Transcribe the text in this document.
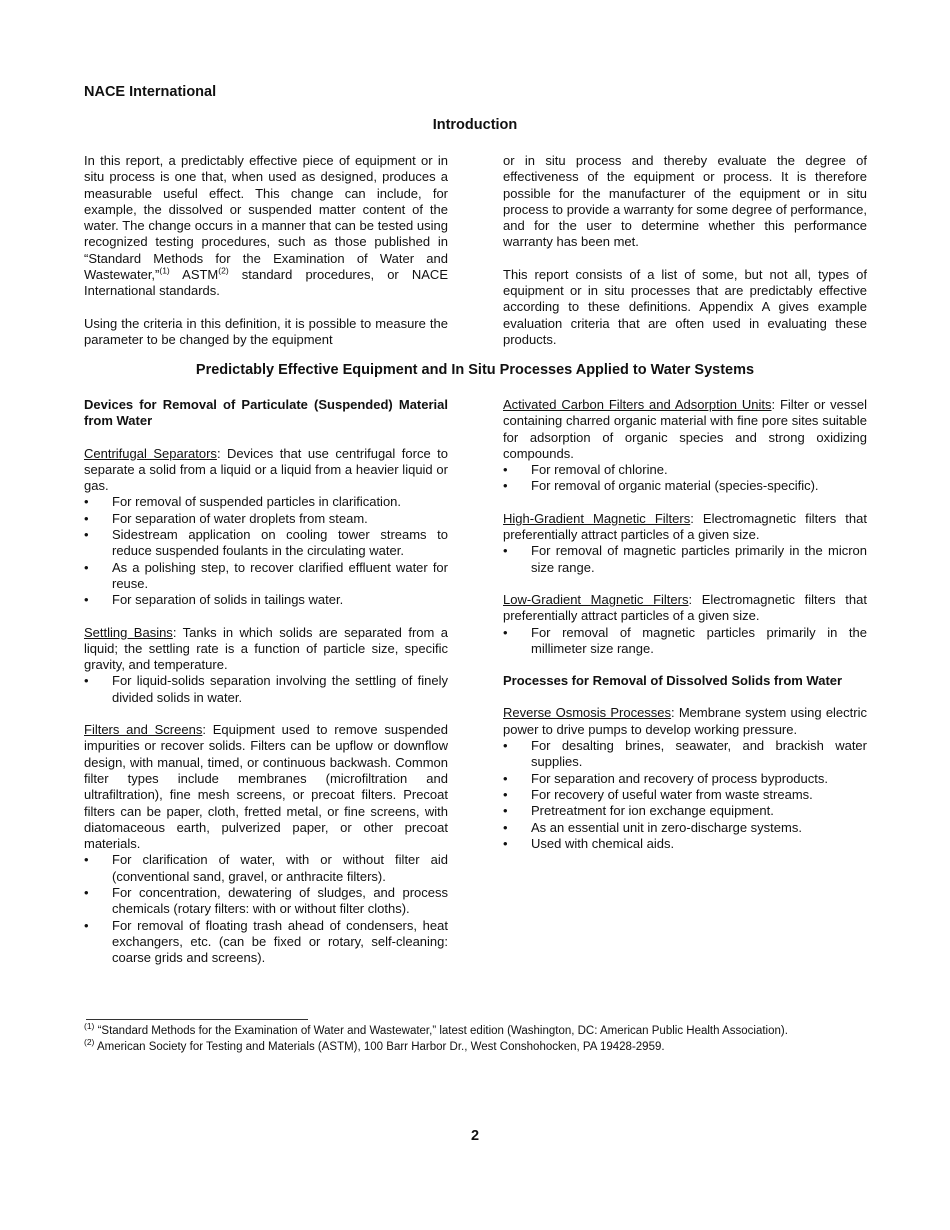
NACE International
Introduction

In this report, a predictably effective piece of equipment or in situ process is one that, when used as designed, produces a measurable useful effect. This change can include, for example, the dissolved or suspended matter content of the water. The change occurs in a manner that can be tested using recognized testing procedures, such as those published in “Standard Methods for the Examination of Water and Wastewater,”$^{(1)}$ ASTM$^{(2)}$ standard procedures, or NACE International standards.

Using the criteria in this definition, it is possible to measure the parameter to be changed by the equipment

or in situ process and thereby evaluate the degree of effectiveness of the equipment or process. It is therefore possible for the manufacturer of the equipment or in situ process to provide a warranty for some degree of performance, and for the user to determine whether this performance warranty has been met.

This report consists of a list of some, but not all, types of equipment or in situ processes that are predictably effective according to these definitions. Appendix A gives example evaluation criteria that are often used in evaluating these products.

Predictably Effective Equipment and In Situ Processes Applied to Water Systems

Devices for Removal of Particulate (Suspended) Material from Water

Centrifugal Separators: Devices that use centrifugal force to separate a solid from a liquid or a liquid from a heavier liquid or gas.

• For removal of suspended particles in clarification.
• For separation of water droplets from steam.
• Sidestream application on cooling tower streams to reduce suspended foulants in the circulating water.
• As a polishing step, to recover clarified effluent water for reuse.
• For separation of solids in tailings water.

Settling Basins: Tanks in which solids are separated from a liquid; the settling rate is a function of particle size, specific gravity, and temperature.

• For liquid-solids separation involving the settling of finely divided solids in water.

Filters and Screens: Equipment used to remove suspended impurities or recover solids. Filters can be upflow or downflow design, with manual, timed, or continuous backwash. Common filter types include membranes (microfiltration and ultrafiltration), fine mesh screens, or precoat filters. Precoat filters can be paper, cloth, fretted metal, or fine screens, with diatomaceous earth, pulverized paper, or other precoat materials.

• For clarification of water, with or without filter aid (conventional sand, gravel, or anthracite filters).
• For concentration, dewatering of sludges, and process chemicals (rotary filters: with or without filter cloths).
• For removal of floating trash ahead of condensers, heat exchangers, etc. (can be fixed or rotary, self-cleaning: coarse grids and screens).

Activated Carbon Filters and Adsorption Units: Filter or vessel containing charred organic material with fine pore sites suitable for adsorption of organic species and strong oxidizing compounds.

• For removal of chlorine.
• For removal of organic material (species-specific).

High-Gradient Magnetic Filters: Electromagnetic filters that preferentially attract particles of a given size.

• For removal of magnetic particles primarily in the micron size range.

Low-Gradient Magnetic Filters: Electromagnetic filters that preferentially attract particles of a given size.

• For removal of magnetic particles primarily in the millimeter size range.

Processes for Removal of Dissolved Solids from Water

Reverse Osmosis Processes: Membrane system using electric power to drive pumps to develop working pressure.

• For desalting brines, seawater, and brackish water supplies.
• For separation and recovery of process byproducts.
• For recovery of useful water from waste streams.
• Pretreatment for ion exchange equipment.
• As an essential unit in zero-discharge systems.
• Used with chemical aids.
$^{(1)}$ “Standard Methods for the Examination of Water and Wastewater,” latest edition (Washington, DC: American Public Health Association).
$^{(2)}$ American Society for Testing and Materials (ASTM), 100 Barr Harbor Dr., West Conshohocken, PA 19428-2959.
2
